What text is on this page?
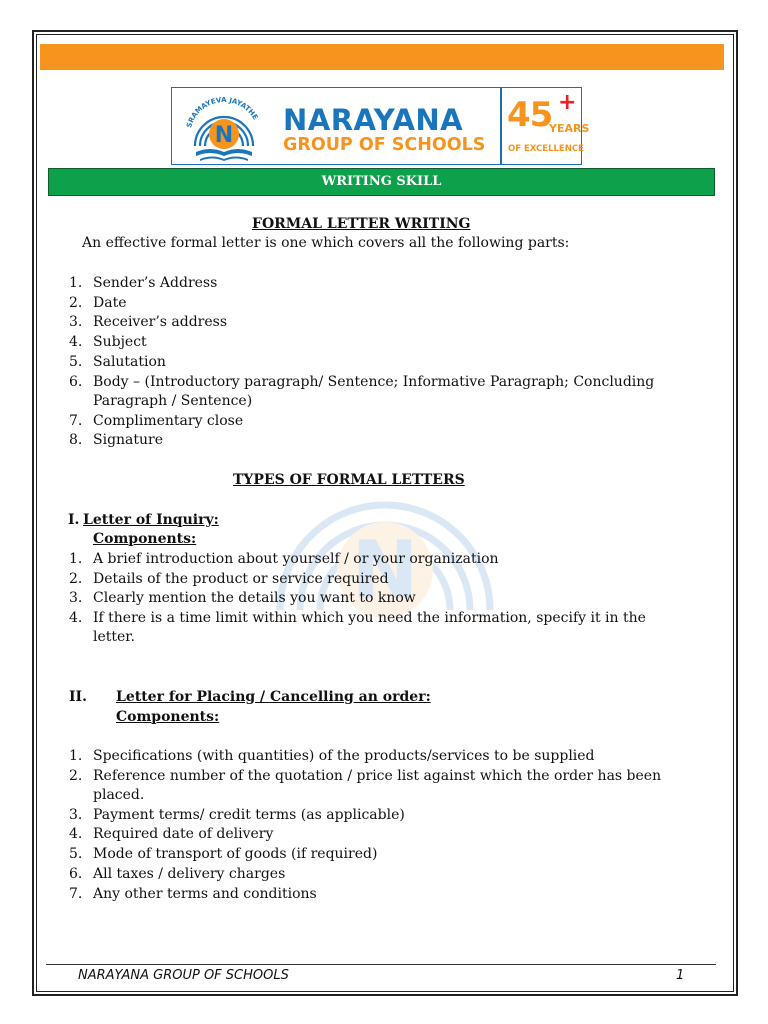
SRAMAYEVA JAYATHE
N NARAYANA
GROUP OF SCHOOLS
45 +
YEARS
OF EXCELLENCE
WRITING SKILL
N
FORMAL LETTER WRITING
An effective formal letter is one which covers all the following parts:
1. Sender’s Address
2. Date
3. Receiver’s address
4. Subject
5. Salutation
6. Body – (Introductory paragraph/ Sentence; Informative Paragraph; Concluding
Paragraph / Sentence)
7. Complimentary close
8. Signature
TYPES OF FORMAL LETTERS
I. Letter of Inquiry:
Components:
1. A brief introduction about yourself / or your organization
2. Details of the product or service required
3. Clearly mention the details you want to know
4. If there is a time limit within which you need the information, specify it in the
letter.
II. Letter for Placing / Cancelling an order:
Components:
1. Specifications (with quantities) of the products/services to be supplied
2. Reference number of the quotation / price list against which the order has been
placed.
3. Payment terms/ credit terms (as applicable)
4. Required date of delivery
5. Mode of transport of goods (if required)
6. All taxes / delivery charges
7. Any other terms and conditions
NARAYANA GROUP OF SCHOOLS	1
